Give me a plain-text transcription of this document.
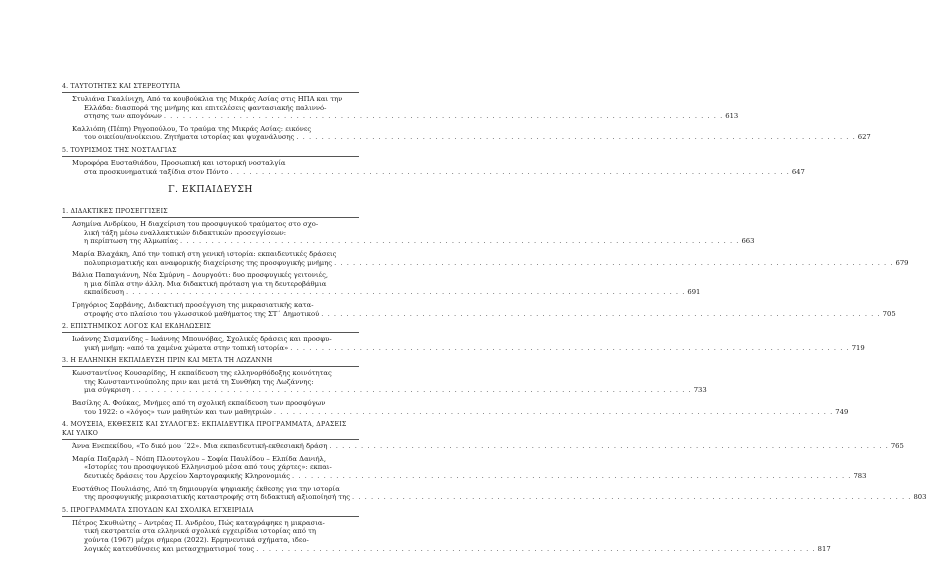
4. ΤΑΥΤΟΤΗΤΕΣ ΚΑΙ ΣΤΕΡΕΟΤΥΠΑ
Στυλιάνα Γκαλίνιχη, Από τα κουβούκλια της Μικράς Ασίας στις ΗΠΑ και την
Ελλάδα: διασπορά της μνήμης και επιτελέσεις φαντασιακής παλιννό-
στησης των απογόνων . . .	613
Καλλιόπη (Πέπη) Ρηγοπούλου, Το τραύμα της Μικράς Ασίας: εικόνες
του οικείου/ανοίκειου. Ζητήματα ιστορίας και ψυχανάλυσης . . .	627
5. ΤΟΥΡΙΣΜΟΣ ΤΗΣ ΝΟΣΤΑΛΓΙΑΣ
Μυροφόρα Ευσταθιάδου, Προσωπική και ιστορική νοσταλγία
στα προσκυνηματικά ταξίδια στον Πόντο . . .	647
Γ. ΕΚΠΑΙΔΕΥΣΗ
1. ΔΙΔΑΚΤΙΚΕΣ ΠΡΟΣΕΓΓΙΣΕΙΣ
Ασημίνα Ανδρίκου, Η διαχείριση του προσφυγικού τραύματος στο σχο-
λική τάξη μέσω εναλλακτικών διδακτικών προσεγγίσεων:
η περίπτωση της Αλμωπίας . . .	663
Μαρία Βλαχάκη, Από την τοπική στη γενική ιστορία: εκπαιδευτικές δράσεις
πολυπρισματικής και αναφορικής διαχείρισης της προσφυγικής μνήμης . . .	679
Βάλια Παπαγιάννη, Νέα Σμύρνη – Δουργούτι: δυο προσφυγικές γειτονιές,
η μια δίπλα στην άλλη. Μια διδακτική πρόταση για τη δευτεροβάθμια
εκπαίδευση . . .	691
Γρηγόριος Σαρβάνης, Διδακτική προσέγγιση της μικρασιατικής κατα-
στροφής στο πλαίσιο του γλωσσικού μαθήματος της ΣΤ΄ Δημοτικού . . .	705
2. ΕΠΙΣΤΗΜΙΚΟΣ ΛΟΓΟΣ ΚΑΙ ΕΚΔΗΛΩΣΕΙΣ
Ιωάννης Σισμανίδης – Ιωάννης Μπουνόβας, Σχολικές δράσεις και προσφυ-
γική μνήμη: «από τα χαμένα χώματα στην τοπική ιστορία» . . .	719
3. Η ΕΛΛΗΝΙΚΗ ΕΚΠΑΙΔΕΥΣΗ ΠΡΙΝ ΚΑΙ ΜΕΤΑ ΤΗ ΛΩΖΑΝΝΗ
Κωνσταντίνος Κουσαρίδης, Η εκπαίδευση της ελληνορθόδοξης κοινότητας
της Κωνσταντινούπολης πριν και μετά τη Συνθήκη της Λωζάννης:
μια σύγκριση . . .	733
Βασίλης Α. Φούκας, Μνήμες από τη σχολική εκπαίδευση των προσφύγων
του 1922: ο «λόγος» των μαθητών και των μαθητριών . . .	749
4. ΜΟΥΣΕΙΑ, ΕΚΘΕΣΕΙΣ ΚΑΙ ΣΥΛΛΟΓΕΣ: ΕΚΠΑΙΔΕΥΤΙΚΑ ΠΡΟΓΡΑΜΜΑΤΑ, ΔΡΑΣΕΙΣ ΚΑΙ ΥΛΙΚΟ
Άννα Ενεπεκίδου, «Το δικό μου ΄22». Μια εκπαιδευτική-εκθεσιακή δράση . . .	765
Μαρία Παζαρλή – Νόπη Πλουτογλου – Σοφία Παυλίδου – Ελπίδα Δανιήλ,
«Ιστορίες του προσφυγικού Ελληνισμού μέσα από τους χάρτες»: εκπαι-
δευτικές δράσεις του Αρχείου Χαρτογραφικής Κληρονομιάς . . .	783
Ευστάθιος Πουλιάσης, Από τη δημιουργία ψηφιακής έκθεσης για την ιστορία
της προσφυγικής μικρασιατικής καταστροφής στη διδακτική αξιοποίησή της . . .	803
5. ΠΡΟΓΡΑΜΜΑΤΑ ΣΠΟΥΔΩΝ ΚΑΙ ΣΧΟΛΙΚΑ ΕΓΧΕΙΡΙΔΙΑ
Πέτρος Σκυθιώτης – Αντρέας Π. Ανδρέου, Πώς καταγράφηκε η μικρασια-
τική εκστρατεία στα ελληνικά σχολικά εγχειρίδια ιστορίας από τη
χούντα (1967) μέχρι σήμερα (2022). Ερμηνευτικά σχήματα, ιδεο-
λογικές κατευθύνσεις και μετασχηματισμοί τους . . .	817
